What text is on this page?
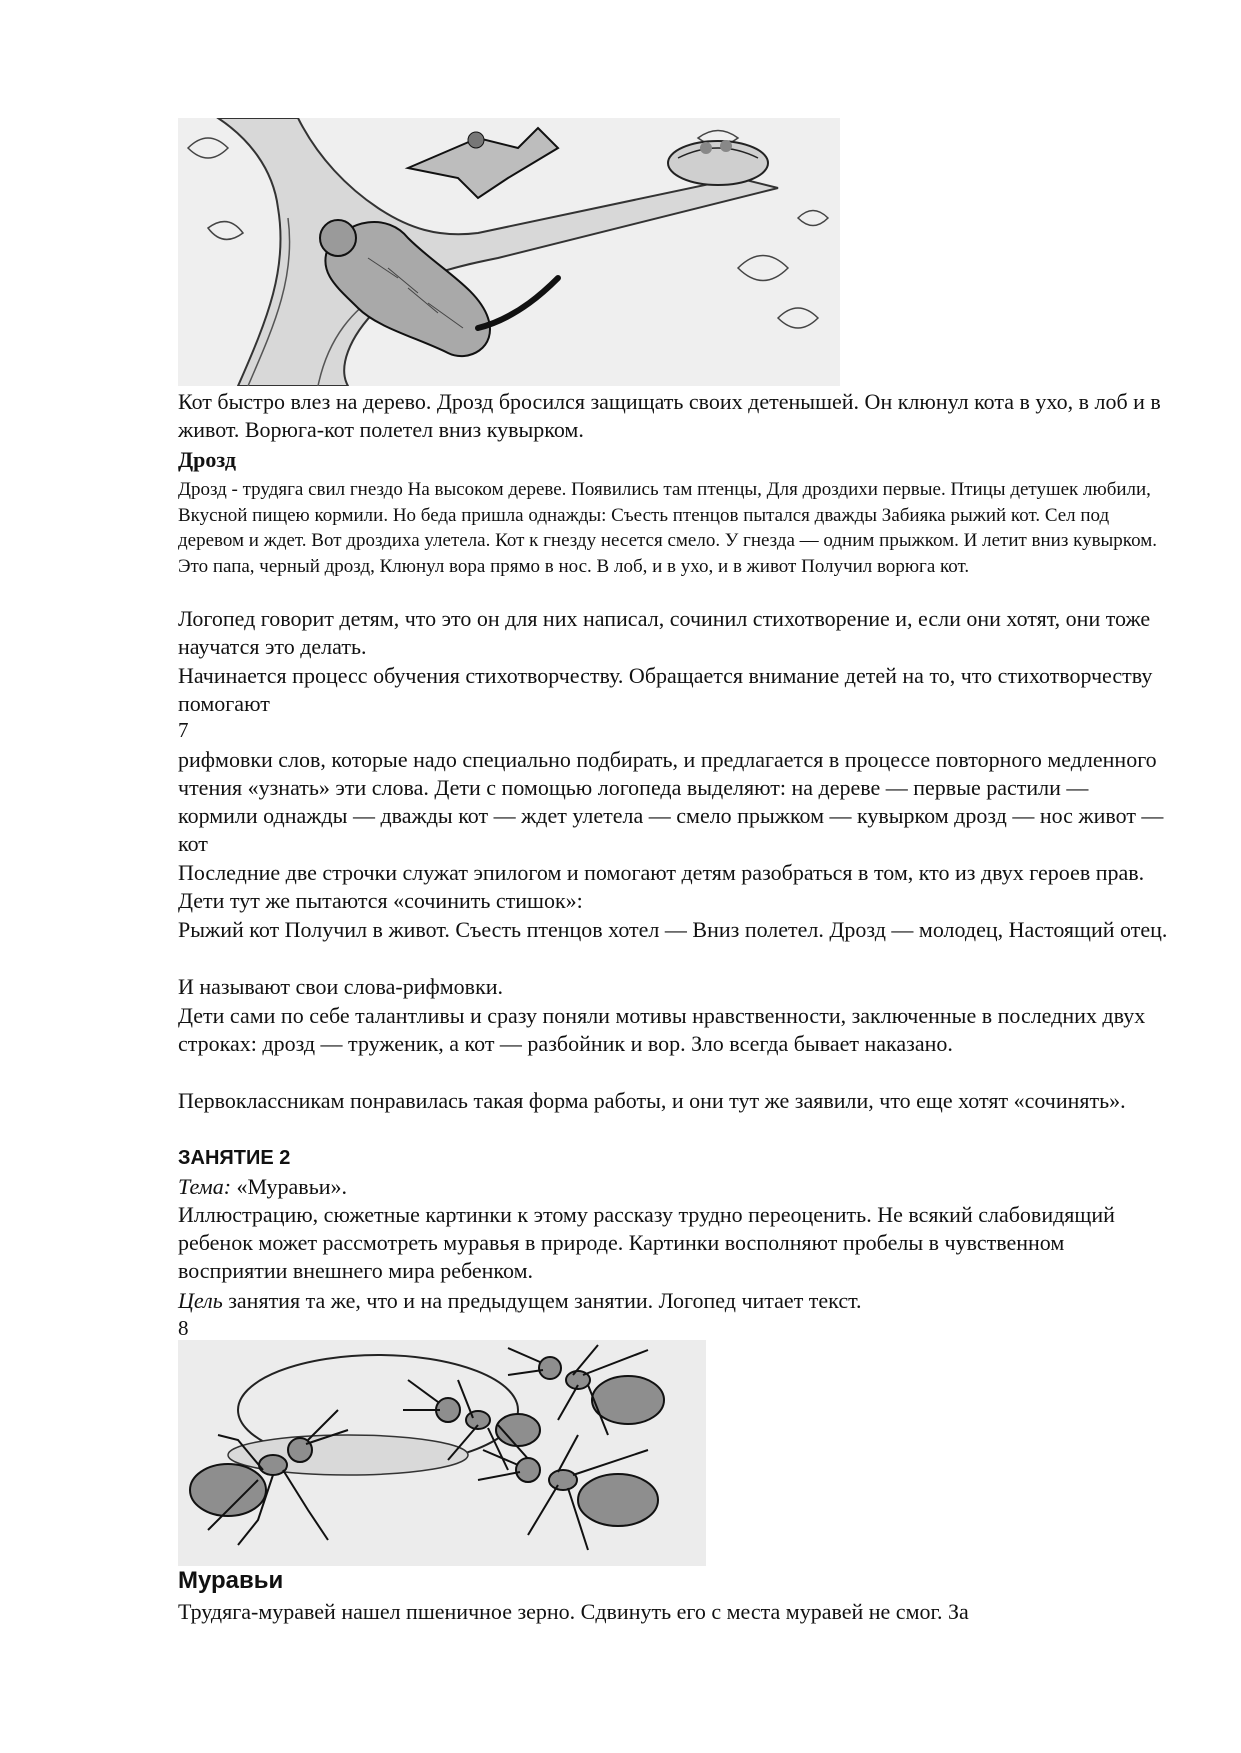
Кот быстро влез на дерево. Дрозд бросился защищать своих детенышей. Он клюнул кота в ухо, в лоб и в живот. Ворюга-кот полетел вниз кувырком.

Дрозд

Дрозд - трудяга свил гнездо На высоком дереве. Появились там птенцы, Для дроздихи первые. Птицы детушек любили, Вкусной пищею кормили. Но беда пришла однажды: Съесть птенцов пытался дважды Забияка рыжий кот. Сел под деревом и ждет. Вот дроздиха улетела. Кот к гнезду несется смело. У гнезда — одним прыжком. И летит вниз кувырком. Это папа, черный дрозд, Клюнул вора прямо в нос. В лоб, и в ухо, и в живот Получил ворюга кот.

Логопед говорит детям, что это он для них написал, сочинил стихотворение и, если они хотят, они тоже научатся это делать.

Начинается процесс обучения стихотворчеству. Обращается внимание детей на то, что стихотворчеству помогают

7

рифмовки слов, которые надо специально подбирать, и предлагается в процессе повторного медленного чтения «узнать» эти слова. Дети с помощью логопеда выделяют: на дереве — первые растили — кормили однажды — дважды кот — ждет улетела — смело прыжком — кувырком дрозд — нос живот — кот

Последние две строчки служат эпилогом и помогают детям разобраться в том, кто из двух героев прав. Дети тут же пытаются «сочинить стишок»:

Рыжий кот Получил в живот. Съесть птенцов хотел — Вниз полетел. Дрозд — молодец, Настоящий отец.

И называют свои слова-рифмовки.

Дети сами по себе талантливы и сразу поняли мотивы нравственности, заключенные в последних двух строках: дрозд — труженик, а кот — разбойник и вор. Зло всегда бывает наказано.

Первоклассникам понравилась такая форма работы, и они тут же заявили, что еще хотят «сочинять».

ЗАНЯТИЕ 2

Тема: «Муравьи».

Иллюстрацию, сюжетные картинки к этому рассказу трудно переоценить. Не всякий слабовидящий ребенок может рассмотреть муравья в природе. Картинки восполняют пробелы в чувственном восприятии внешнего мира ребенком.

Цель занятия та же, что и на предыдущем занятии. Логопед читает текст.

8

Муравьи

Трудяга-муравей нашел пшеничное зерно. Сдвинуть его с места муравей не смог. За
